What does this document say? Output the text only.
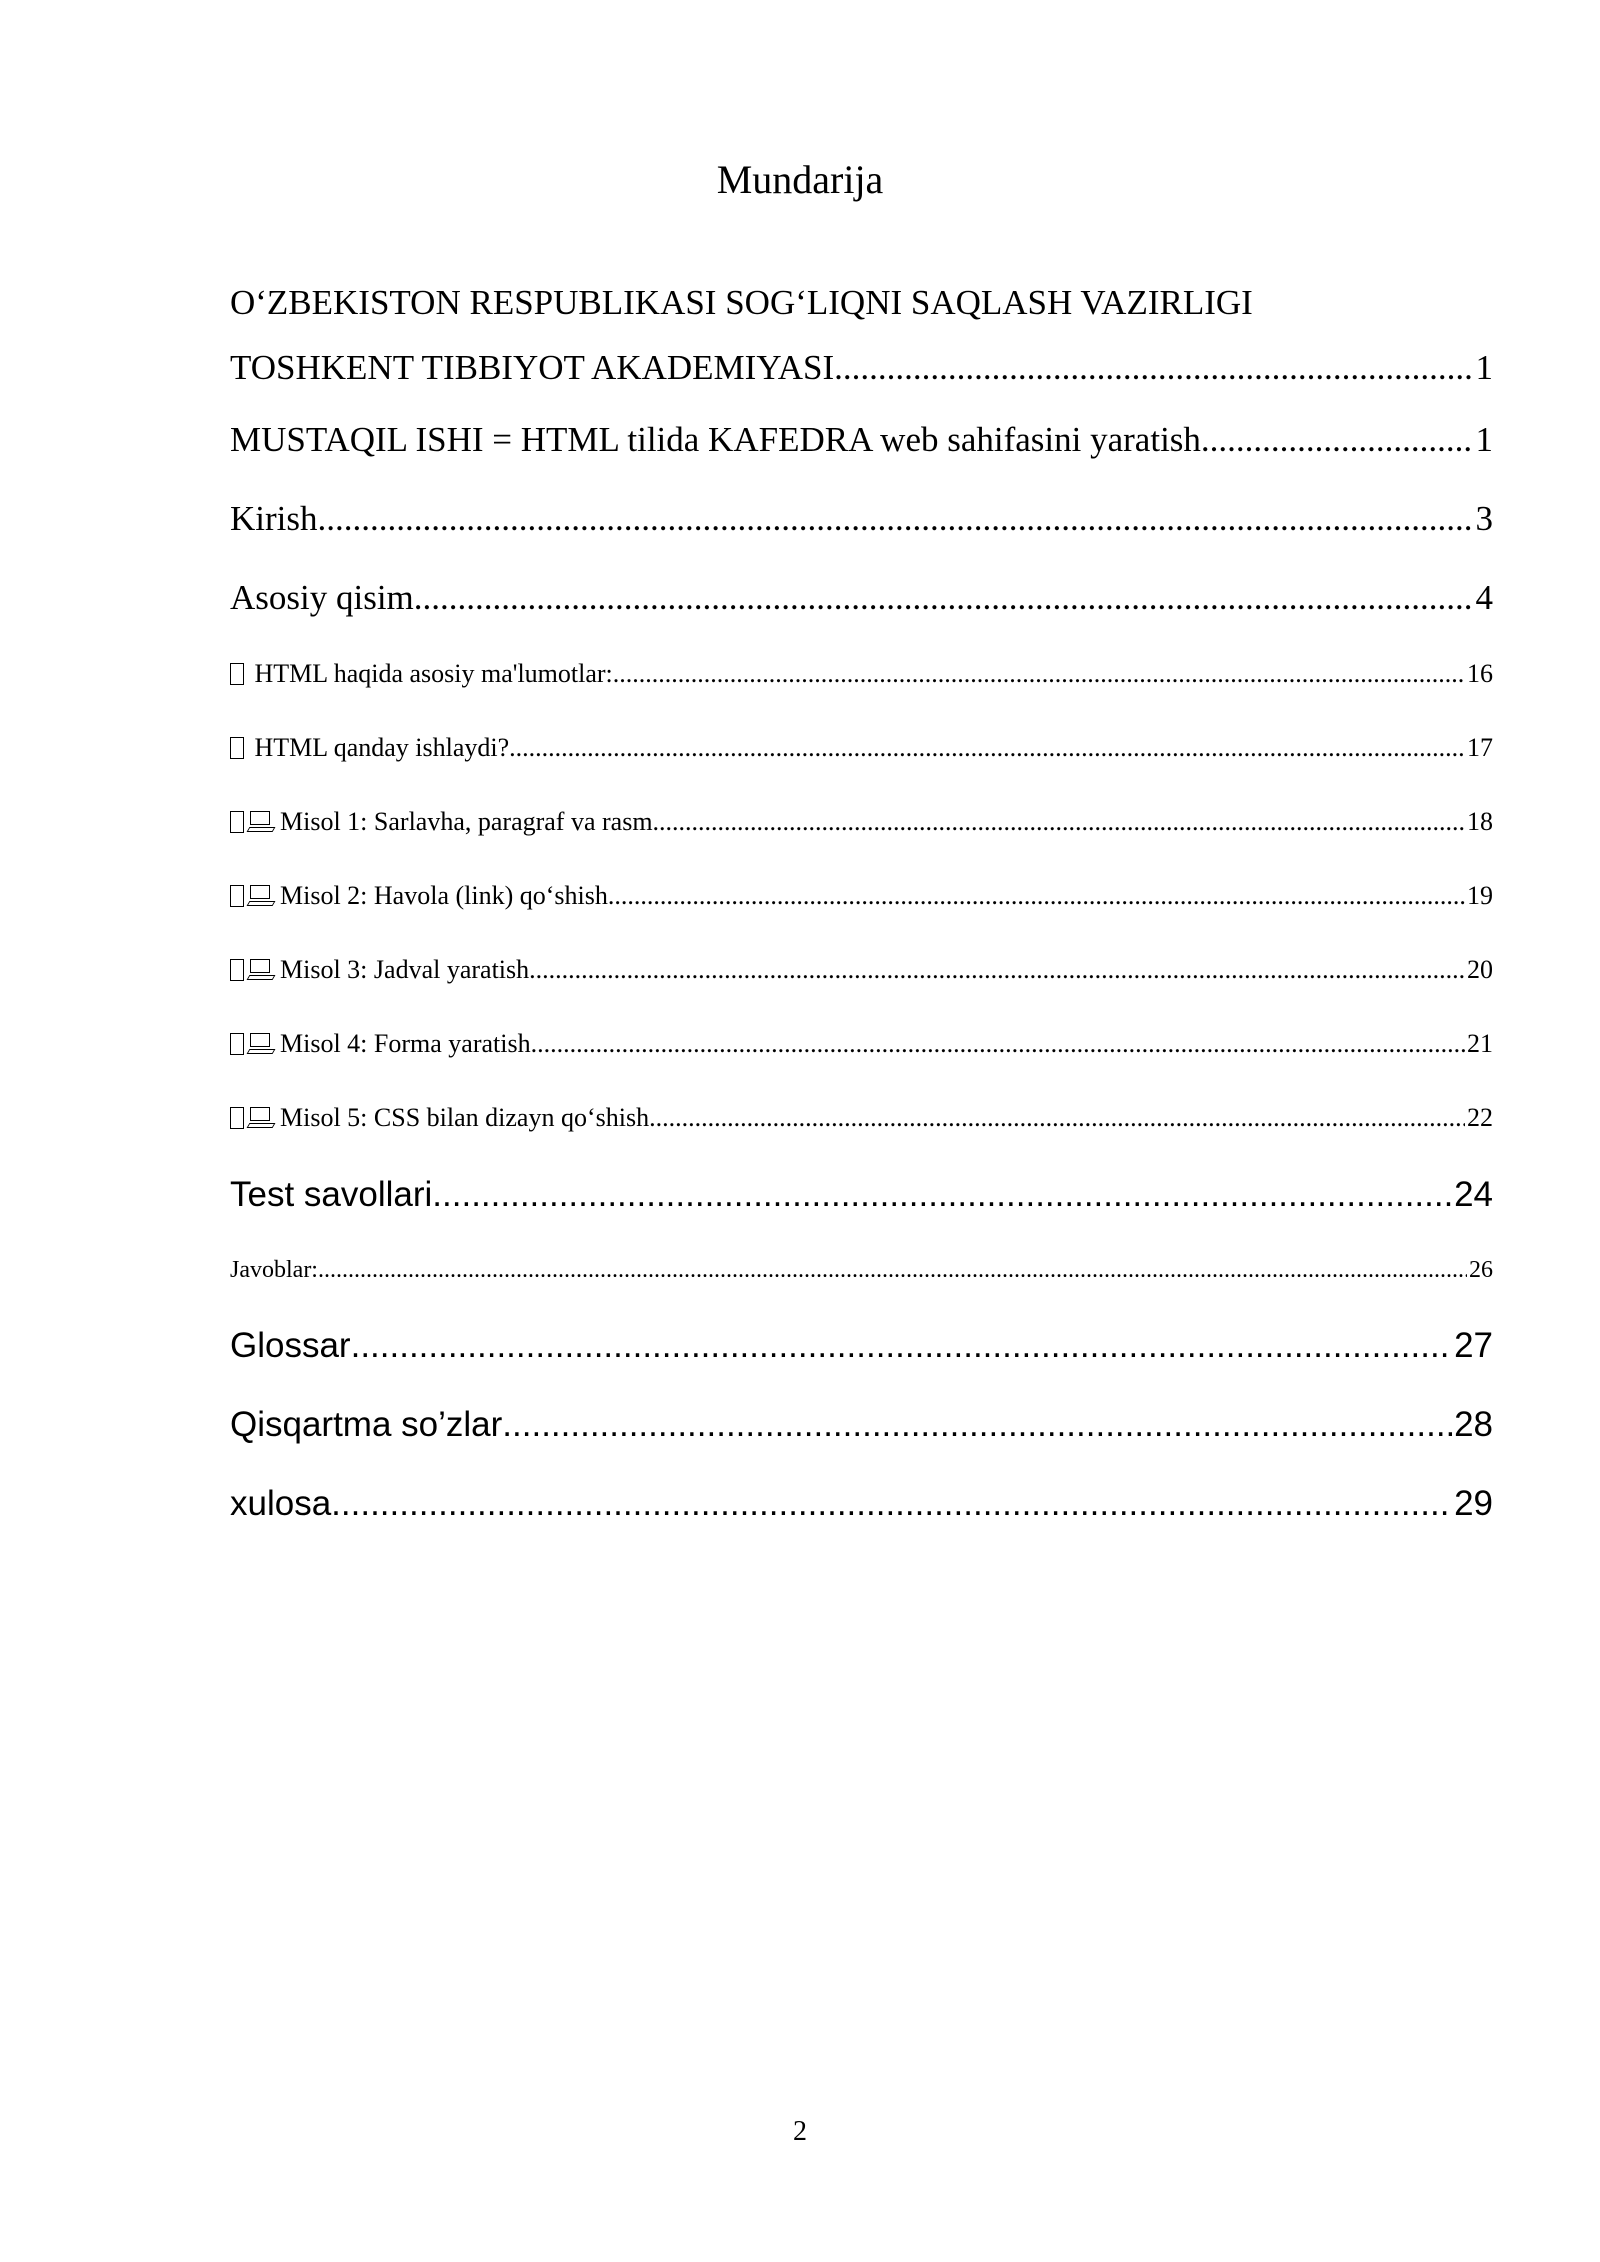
Mundarija
O‘ZBEKISTON RESPUBLIKASI SOG‘LIQNI SAQLASH VAZIRLIGI
TOSHKENT TIBBIYOT AKADEMIYASI .....	1
MUSTAQIL ISHI = HTML tilida KAFEDRA web sahifasini yaratish .....	1
Kirish .....	3
Asosiy qisim .....	4
HTML haqida asosiy ma'lumotlar: .....	16
HTML qanday ishlaydi? .....	17
Misol 1: Sarlavha, paragraf va rasm .....	18
Misol 2: Havola (link) qo‘shish .....	19
Misol 3: Jadval yaratish .....	20
Misol 4: Forma yaratish .....	21
Misol 5: CSS bilan dizayn qo‘shish .....	22
Test savollari .....	24
Javoblar: .....	26
Glossar .....	27
Qisqartma so’zlar .....	28
xulosa .....	29
2
